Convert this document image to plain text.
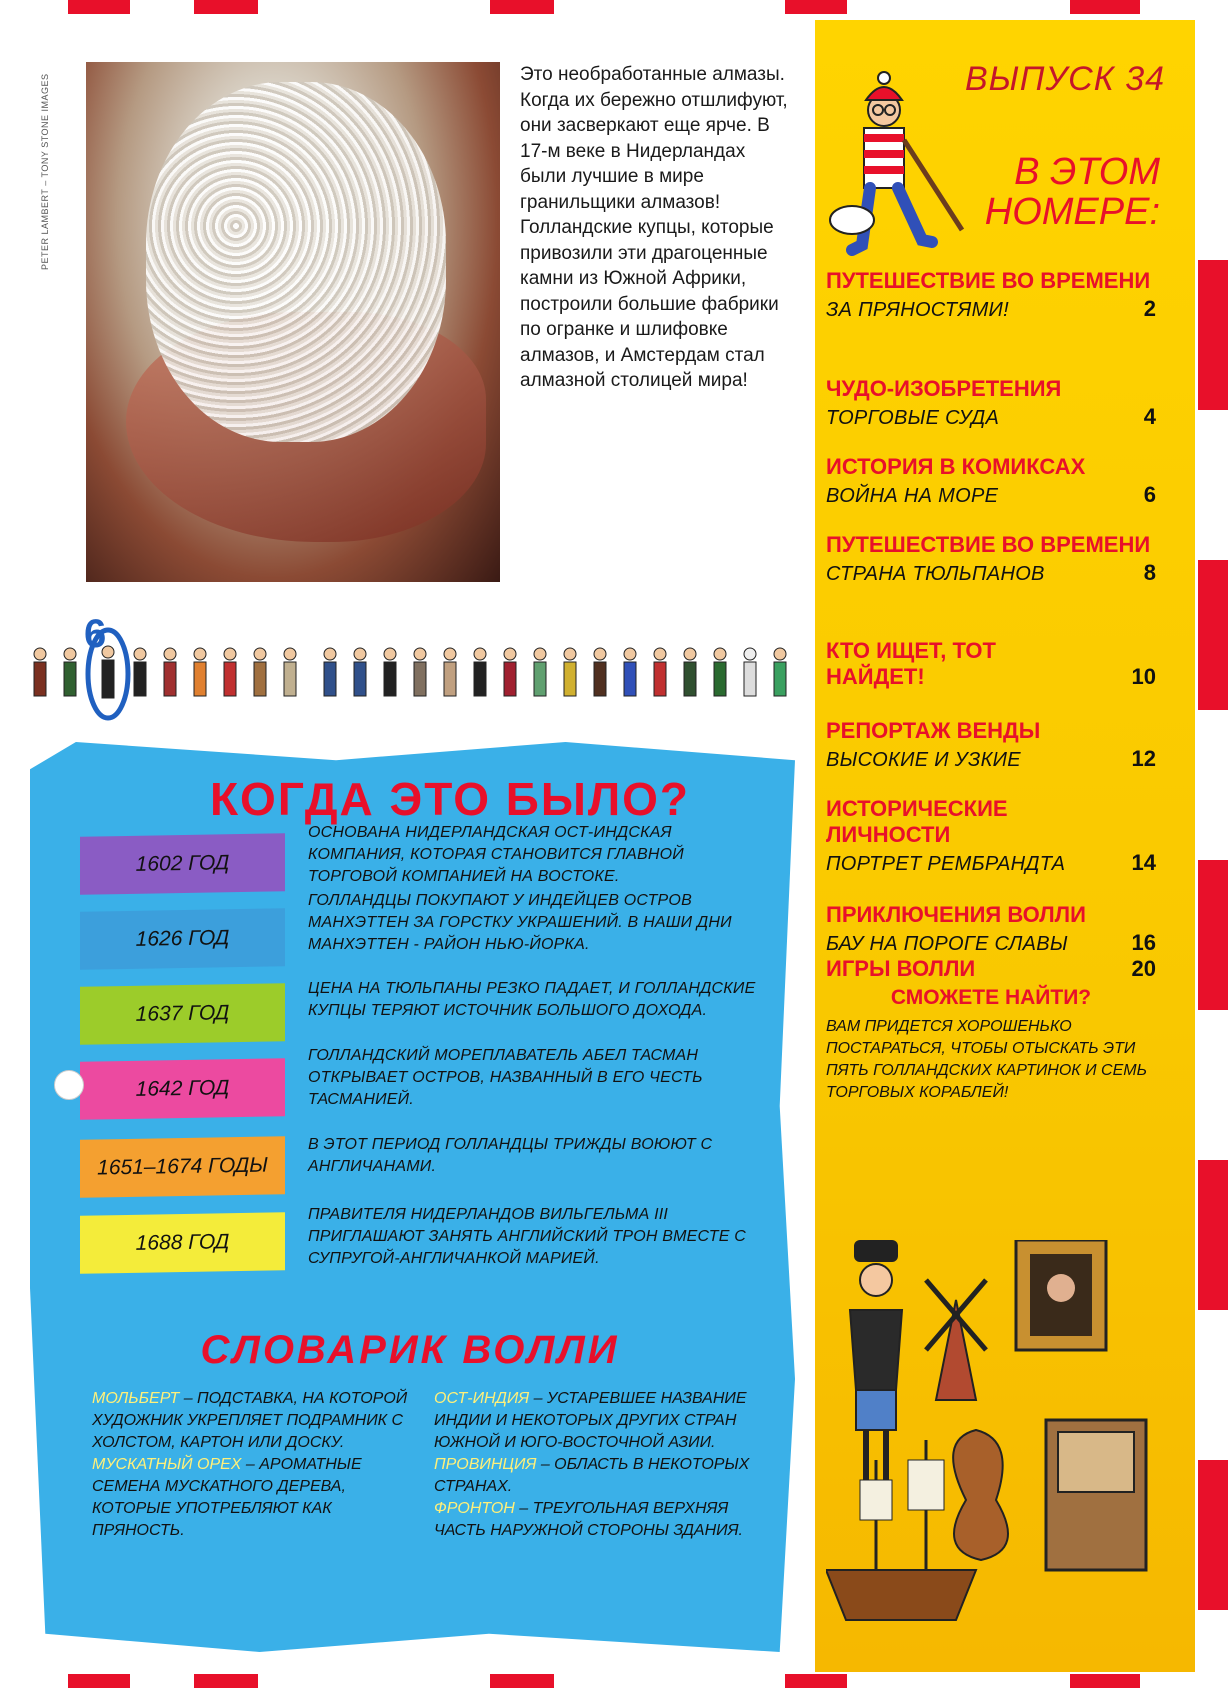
PETER LAMBERT – TONY STONE IMAGES	Это необработанные алмазы. Когда их бережно отшлифуют, они засверкают еще ярче. В 17-м веке в Нидерландах были лучшие в мире гранильщики алмазов! Голландские купцы, которые привозили эти драгоценные камни из Южной Африки, построили большие фабрики по огранке и шлифовке алмазов, и Амстердам стал алмазной столицей мира!
ВЫПУСК 34
В ЭТОМ НОМЕРЕ:
ПУТЕШЕСТВИЕ ВО ВРЕМЕНИ
ЗА ПРЯНОСТЯМИ!	2
ЧУДО-ИЗОБРЕТЕНИЯ
ТОРГОВЫЕ СУДА	4
ИСТОРИЯ В КОМИКСАХ
ВОЙНА НА МОРЕ	6
ПУТЕШЕСТВИЕ ВО ВРЕМЕНИ
СТРАНА ТЮЛЬПАНОВ	8
КТО ИЩЕТ, ТОТ НАЙДЕТ!	10
РЕПОРТАЖ ВЕНДЫ
ВЫСОКИЕ И УЗКИЕ	12
ИСТОРИЧЕСКИЕ ЛИЧНОСТИ
ПОРТРЕТ РЕМБРАНДТА	14
ПРИКЛЮЧЕНИЯ ВОЛЛИ
БАУ НА ПОРОГЕ СЛАВЫ	16
ИГРЫ ВОЛЛИ	20
СМОЖЕТЕ НАЙТИ?
ВАМ ПРИДЕТСЯ ХОРОШЕНЬКО ПОСТАРАТЬСЯ, ЧТОБЫ ОТЫСКАТЬ ЭТИ ПЯТЬ ГОЛЛАНДСКИХ КАРТИНОК И СЕМЬ ТОРГОВЫХ КОРАБЛЕЙ!
6
КОГДА ЭТО БЫЛО?
1602 ГОД
ОСНОВАНА НИДЕРЛАНДСКАЯ ОСТ-ИНДСКАЯ КОМПАНИЯ, КОТОРАЯ СТАНОВИТСЯ ГЛАВНОЙ ТОРГОВОЙ КОМПАНИЕЙ НА ВОСТОКЕ.
1626 ГОД
ГОЛЛАНДЦЫ ПОКУПАЮТ У ИНДЕЙЦЕВ ОСТРОВ МАНХЭТТЕН ЗА ГОРСТКУ УКРАШЕНИЙ. В НАШИ ДНИ МАНХЭТТЕН - РАЙОН НЬЮ-ЙОРКА.
1637 ГОД
ЦЕНА НА ТЮЛЬПАНЫ РЕЗКО ПАДАЕТ, И ГОЛЛАНДСКИЕ КУПЦЫ ТЕРЯЮТ ИСТОЧНИК БОЛЬШОГО ДОХОДА.
1642 ГОД
ГОЛЛАНДСКИЙ МОРЕПЛАВАТЕЛЬ АБЕЛ ТАСМАН ОТКРЫВАЕТ ОСТРОВ, НАЗВАННЫЙ В ЕГО ЧЕСТЬ ТАСМАНИЕЙ.
1651–1674 ГОДЫ
В ЭТОТ ПЕРИОД ГОЛЛАНДЦЫ ТРИЖДЫ ВОЮЮТ С АНГЛИЧАНАМИ.
1688 ГОД
ПРАВИТЕЛЯ НИДЕРЛАНДОВ ВИЛЬГЕЛЬМА III ПРИГЛАШАЮТ ЗАНЯТЬ АНГЛИЙСКИЙ ТРОН ВМЕСТЕ С СУПРУГОЙ-АНГЛИЧАНКОЙ МАРИЕЙ.
СЛОВАРИК ВОЛЛИ
МОЛЬБЕРТ – ПОДСТАВКА, НА КОТОРОЙ ХУДОЖНИК УКРЕПЛЯЕТ ПОДРАМНИК С ХОЛСТОМ, КАРТОН ИЛИ ДОСКУ.
МУСКАТНЫЙ ОРЕХ – АРОМАТНЫЕ СЕМЕНА МУСКАТНОГО ДЕРЕВА, КОТОРЫЕ УПОТРЕБЛЯЮТ КАК ПРЯНОСТЬ.
ОСТ-ИНДИЯ – УСТАРЕВШЕЕ НАЗВАНИЕ ИНДИИ И НЕКОТОРЫХ ДРУГИХ СТРАН ЮЖНОЙ И ЮГО-ВОСТОЧНОЙ АЗИИ.
ПРОВИНЦИЯ – ОБЛАСТЬ В НЕКОТОРЫХ СТРАНАХ.
ФРОНТОН – ТРЕУГОЛЬНАЯ ВЕРХНЯЯ ЧАСТЬ НАРУЖНОЙ СТОРОНЫ ЗДАНИЯ.
